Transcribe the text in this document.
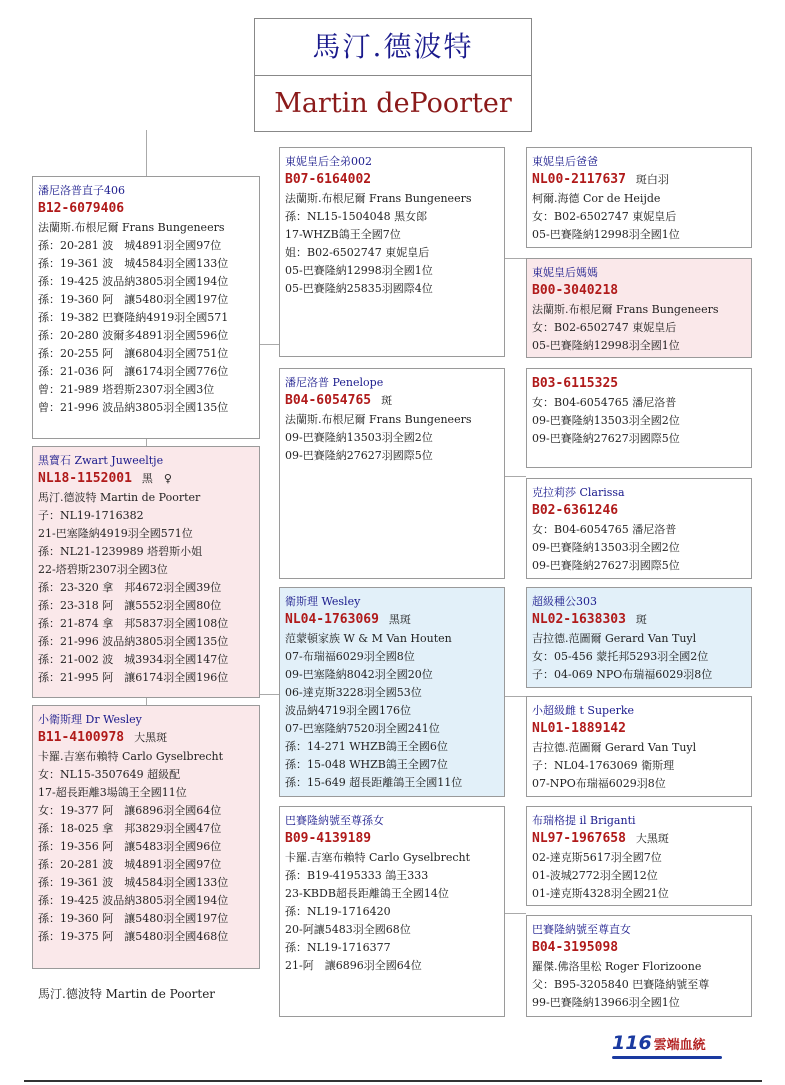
馬汀.德波特
Martin dePoorter
潘尼洛普直子406
B12-6079406
法蘭斯.布根尼爾 Frans Bungeneers
孫：20-281 波　城4891羽全國97位
孫：19-361 波　城4584羽全國133位
孫：19-425 波品納3805羽全國194位
孫：19-360 阿　讓5480羽全國197位
孫：19-382 巴賽隆納4919羽全國571
孫：20-280 波爾多4891羽全國596位
孫：20-255 阿　讓6804羽全國751位
孫：21-036 阿　讓6174羽全國776位
曾：21-989 塔碧斯2307羽全國3位
曾：21-996 波品納3805羽全國135位
黑寶石 Zwart Juweeltje
NL18-1152001 黑　♀
馬汀.德波特 Martin de Poorter
子：NL19-1716382
21-巴塞隆納4919羽全國571位
孫：NL21-1239989 塔碧斯小姐
22-塔碧斯2307羽全國3位
孫：23-320 拿　邦4672羽全國39位
孫：23-318 阿　讓5552羽全國80位
孫：21-874 拿　邦5837羽全國108位
孫：21-996 波品納3805羽全國135位
孫：21-002 波　城3934羽全國147位
孫：21-995 阿　讓6174羽全國196位
小衛斯理 Dr Wesley
B11-4100978 大黑斑
卡羅.吉塞布賴特 Carlo Gyselbrecht
女：NL15-3507649 超級配
17-超長距離3場鴿王全國11位
女：19-377 阿　讓6896羽全國64位
孫：18-025 拿　邦3829羽全國47位
孫：19-356 阿　讓5483羽全國96位
孫：20-281 波　城4891羽全國97位
孫：19-361 波　城4584羽全國133位
孫：19-425 波品納3805羽全國194位
孫：19-360 阿　讓5480羽全國197位
孫：19-375 阿　讓5480羽全國468位
東妮皇后全弟002
B07-6164002
法蘭斯.布根尼爾 Frans Bungeneers
孫：NL15-1504048 黑女郎
17-WHZB鴿王全國7位
姐：B02-6502747 東妮皇后
05-巴賽隆納12998羽全國1位
05-巴賽隆納25835羽國際4位
潘尼洛普 Penelope
B04-6054765 斑
法蘭斯.布根尼爾 Frans Bungeneers
09-巴賽隆納13503羽全國2位
09-巴賽隆納27627羽國際5位
衛斯理 Wesley
NL04-1763069 黑斑
范蒙頓家族 W & M Van Houten
07-布瑞福6029羽全國8位
09-巴塞隆納8042羽全國20位
06-達克斯3228羽全國53位
波品納4719羽全國176位
07-巴塞隆納7520羽全國241位
孫：14-271 WHZB鴿王全國6位
孫：15-048 WHZB鴿王全國7位
孫：15-649 超長距離鴿王全國11位
巴賽隆納號至尊孫女
B09-4139189
卡羅.吉塞布賴特 Carlo Gyselbrecht
孫：B19-4195333 鴿王333
23-KBDB超長距離鴿王全國14位
孫：NL19-1716420
20-阿讓5483羽全國68位
孫：NL19-1716377
21-阿　讓6896羽全國64位
東妮皇后爸爸
NL00-2117637 斑白羽
柯爾.海德 Cor de Heijde
女：B02-6502747 東妮皇后
05-巴賽隆納12998羽全國1位
東妮皇后媽媽
B00-3040218
法蘭斯.布根尼爾 Frans Bungeneers
女：B02-6502747 東妮皇后
05-巴賽隆納12998羽全國1位
B03-6115325
女：B04-6054765 潘尼洛普
09-巴賽隆納13503羽全國2位
09-巴賽隆納27627羽國際5位
克拉莉莎 Clarissa
B02-6361246
女：B04-6054765 潘尼洛普
09-巴賽隆納13503羽全國2位
09-巴賽隆納27627羽國際5位
超級種公303
NL02-1638303 斑
吉拉德.范圖爾 Gerard Van Tuyl
女：05-456 蒙托邦5293羽全國2位
子：04-069 NPO布瑞福6029羽8位
小超級雌 t Superke
NL01-1889142
吉拉德.范圖爾 Gerard Van Tuyl
子：NL04-1763069 衛斯理
07-NPO布瑞福6029羽8位
布瑞格提 il Briganti
NL97-1967658 大黑斑
02-達克斯5617羽全國7位
01-波城2772羽全國12位
01-達克斯4328羽全國21位
巴賽隆納號至尊直女
B04-3195098
羅傑.佛洛里松 Roger Florizoone
父：B95-3205840 巴賽隆納號至尊
99-巴賽隆納13966羽全國1位
馬汀.德波特 Martin de Poorter
116 雲端血統
